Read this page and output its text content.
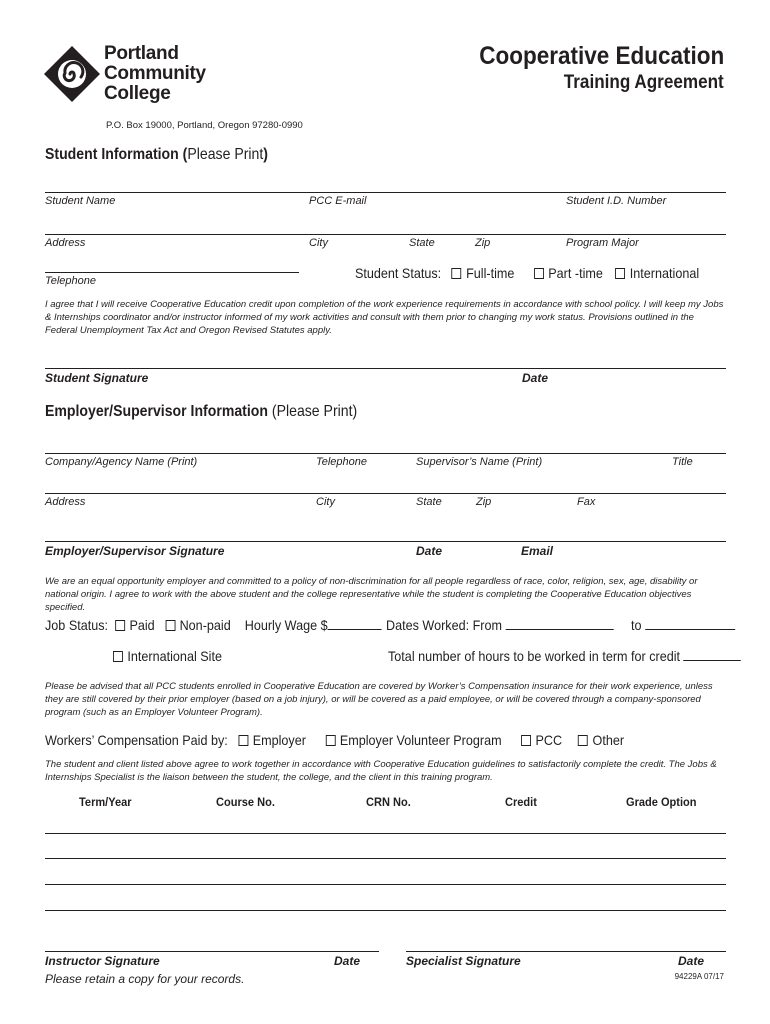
Portland
Community
College
Cooperative Education
Training Agreement
P.O. Box 19000, Portland, Oregon 97280-0990
Student Information (Please Print)
Student Name	PCC E-mail	Student I.D. Number
Address	City	State	Zip	Program Major
Telephone	Student Status: Full-time Part -time International
I agree that I will receive Cooperative Education credit upon completion of the work experience requirements in accordance with school policy. I will keep my Jobs & Internships coordinator and/or instructor informed of my work activities and consult with them prior to changing my work status. Provisions outlined in the Federal Unemployment Tax Act and Oregon Revised Statutes apply.
Student Signature	Date
Employer/Supervisor Information (Please Print)
Company/Agency Name (Print)	Telephone	Supervisor’s Name (Print)	Title
Address	City	State	Zip	Fax
Employer/Supervisor Signature	Date	Email
We are an equal opportunity employer and committed to a policy of non-discrimination for all people regardless of race, color, religion, sex, age, disability or national origin. I agree to work with the above student and the college representative while the student is completing the Cooperative Education objectives specified.
Job Status: Paid Non-paid Hourly Wage $	Dates Worked: From	to
International Site	Total number of hours to be worked in term for credit
Please be advised that all PCC students enrolled in Cooperative Education are covered by Worker’s Compensation insurance for their work experience, unless they are still covered by their prior employer (based on a job injury), or will be covered as a paid employee, or will be covered through a company-sponsored program (such as an Employer Volunteer Program).
Workers’ Compensation Paid by: Employer Employer Volunteer Program PCC Other
The student and client listed above agree to work together in accordance with Cooperative Education guidelines to satisfactorily complete the credit. The Jobs & Internships Specialist is the liaison between the student, the college, and the client in this training program.
Term/Year	Course No.	CRN No.	Credit	Grade Option
Instructor Signature	Date	Specialist Signature	Date
Please retain a copy for your records.	94229A 07/17
